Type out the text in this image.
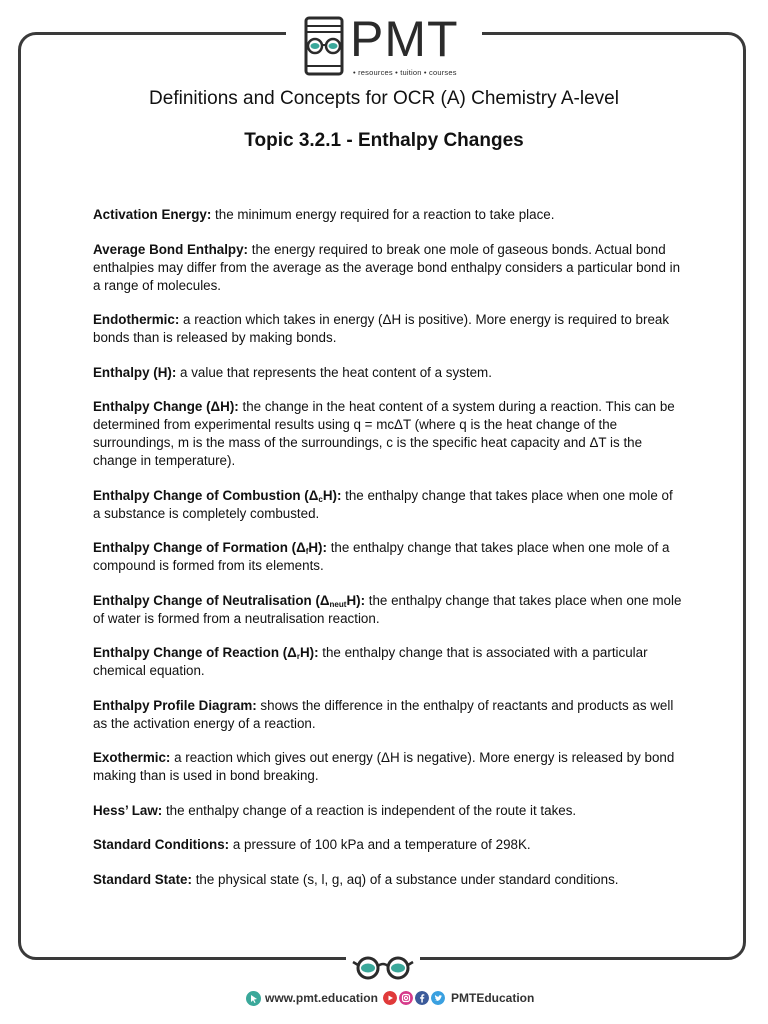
PMT
• resources • tuition • courses
Definitions and Concepts for OCR (A) Chemistry A-level
Topic 3.2.1 - Enthalpy Changes

Activation Energy: the minimum energy required for a reaction to take place.

Average Bond Enthalpy: the energy required to break one mole of gaseous bonds. Actual bond enthalpies may differ from the average as the average bond enthalpy considers a particular bond in a range of molecules.

Endothermic: a reaction which takes in energy (ΔH is positive). More energy is required to break bonds than is released by making bonds.

Enthalpy (H): a value that represents the heat content of a system.

Enthalpy Change (ΔH): the change in the heat content of a system during a reaction. This can be determined from experimental results using q = mcΔT (where q is the heat change of the surroundings, m is the mass of the surroundings, c is the specific heat capacity and ΔT is the change in temperature).

Enthalpy Change of Combustion $(\Delta_cH)$: the enthalpy change that takes place when one mole of a substance is completely combusted.

Enthalpy Change of Formation $(\Delta_fH)$: the enthalpy change that takes place when one mole of a compound is formed from its elements.

Enthalpy Change of Neutralisation $(\Delta_{neut}H)$: the enthalpy change that takes place when one mole of water is formed from a neutralisation reaction.

Enthalpy Change of Reaction $(\Delta_rH)$: the enthalpy change that is associated with a particular chemical equation.

Enthalpy Profile Diagram: shows the difference in the enthalpy of reactants and products as well as the activation energy of a reaction.

Exothermic: a reaction which gives out energy (ΔH is negative). More energy is released by bond making than is used in bond breaking.

Hess’ Law: the enthalpy change of a reaction is independent of the route it takes.

Standard Conditions: a pressure of 100 kPa and a temperature of 298K.

Standard State: the physical state (s, l, g, aq) of a substance under standard conditions.

www.pmt.education	PMTEducation
